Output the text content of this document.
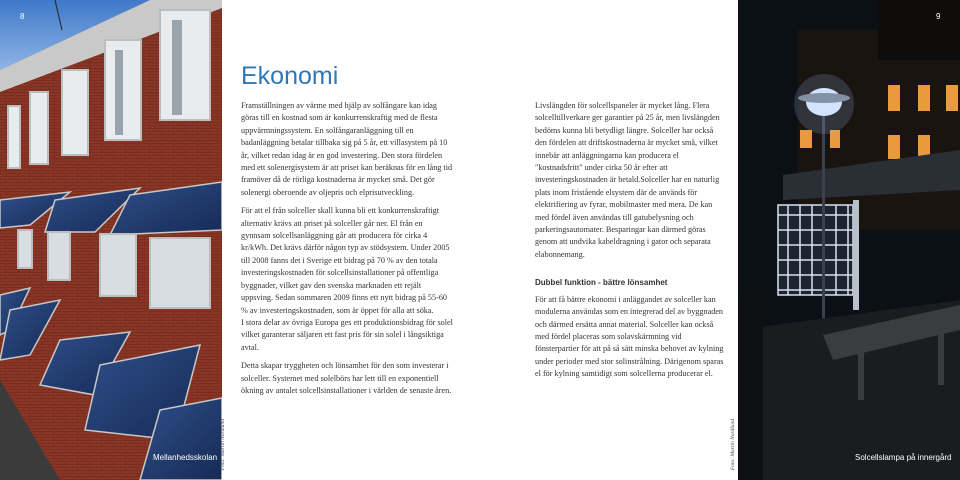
8
Mellanhedsskolan Foto: Martin Nordlund
Ekonomi

Framställningen av värme med hjälp av solfångare kan idag göras till en kostnad som är konkurrenskraftig med de flesta uppvärmningssystem. En solfångaranläggning till en badanläggning betalar tillbaka sig på 5 år, ett villasystem på 10 år, vilket redan idag är en god investering. Den stora fördelen med ett solenergisystem är att priset kan beräknas för en lång tid framöver då de rörliga kostnaderna är mycket små. Det gör solenergi oberoende av oljepris och elprisutveckling.

För att el från solceller skall kunna bli ett konkurrenskraftigt alternativ krävs att priset på solceller går ner. El från en gynnsam solcellsanläggning går att producera för cirka 4 kr/kWh. Det krävs därför någon typ av stödsystem. Under 2005 till 2008 fanns det i Sverige ett bidrag på 70 % av den totala investeringskostnaden för solcellsinstallationer på offentliga byggnader, vilket gav den svenska marknaden ett rejält uppsving. Sedan sommaren 2009 finns ett nytt bidrag på 55-60 % av investeringskostnaden, som är öppet för alla att söka.

I stora delar av övriga Europa ges ett produktionsbidrag för solel vilket garanterar säljaren ett fast pris för sin solel i långsiktiga avtal.

Detta skapar tryggheten och lönsamhet för den som investerar i solceller. Systemet med solelbörs har lett till en exponentiell ökning av antalet solcellsinstallationer i världen de senaste åren.

Livslängden för solcellspaneler är mycket lång. Flera solcelltillverkare ger garantier på 25 år, men livslängden bedöms kunna bli betydligt längre. Solceller har också den fördelen att driftskostnaderna är mycket små, vilket innebär att anläggningarna kan producera el "kostnadsfritt" under cirka 50 år efter att investeringskostnaden är betald.Solceller har en naturlig plats inom fristående elsystem där de används för elektrifiering av fyrar, mobilmaster med mera. De kan med fördel även användas till gatubelysning och parkeringsautomater. Besparingar kan därmed göras genom att undvika kabeldragning i gator och separata elabonnemang.

Dubbel funktion - bättre lönsamhet

För att få bättre ekonomi i anläggandet av solceller kan modulerna användas som en integrerad del av byggnaden och därmed ersätta annat material. Solceller kan också med fördel placeras som solavskärmning vid fönsterpartier för att på så sätt minska behovet av kylning under perioder med stor solinstrålning. Därigenom sparas el för kylning samtidigt som solcellerna producerar el.

Foto: Martin Nordlund
9
Solcellslampa på innergård
